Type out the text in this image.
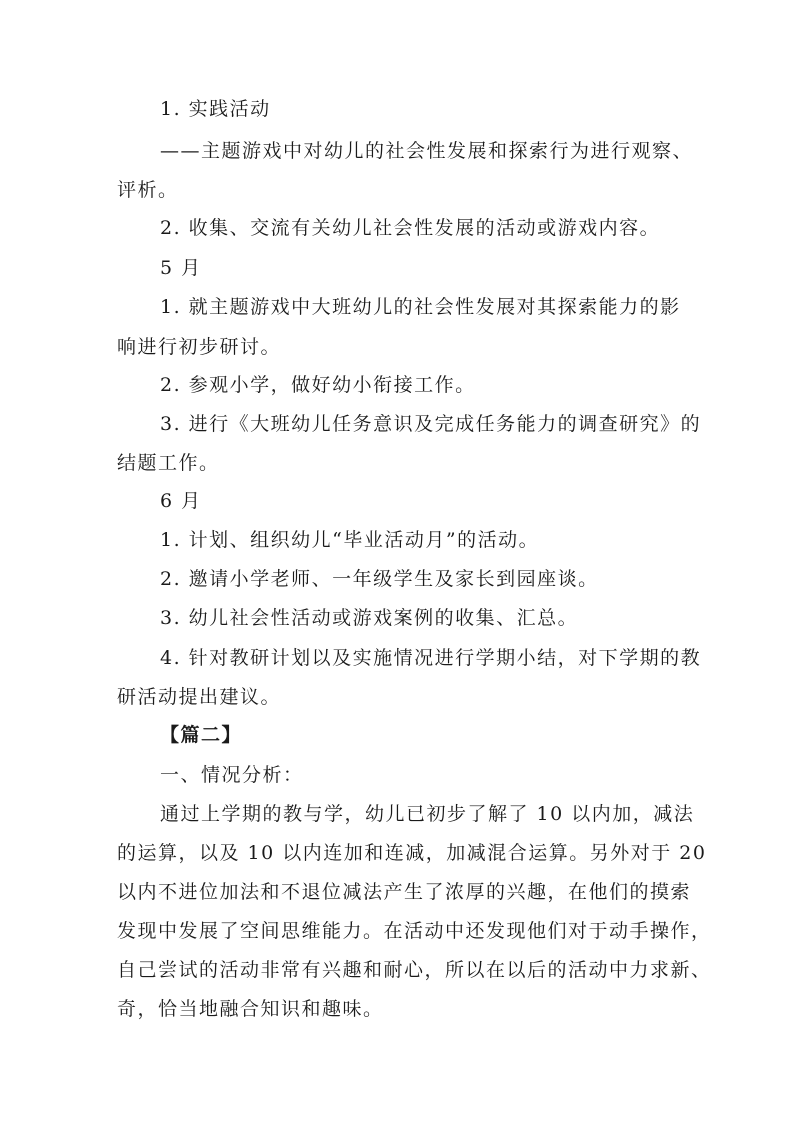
1. 实践活动

——主题游戏中对幼儿的社会性发展和探索行为进行观察、

评析。

2. 收集、交流有关幼儿社会性发展的活动或游戏内容。

5 月

1. 就主题游戏中大班幼儿的社会性发展对其探索能力的影

响进行初步研讨。

2. 参观小学，做好幼小衔接工作。

3. 进行《大班幼儿任务意识及完成任务能力的调查研究》的

结题工作。

6 月

1. 计划、组织幼儿“毕业活动月”的活动。

2. 邀请小学老师、一年级学生及家长到园座谈。

3. 幼儿社会性活动或游戏案例的收集、汇总。

4. 针对教研计划以及实施情况进行学期小结，对下学期的教

研活动提出建议。

【篇二】

一、情况分析：

通过上学期的教与学，幼儿已初步了解了 10 以内加，减法

的运算，以及 10 以内连加和连减，加减混合运算。另外对于 20

以内不进位加法和不退位减法产生了浓厚的兴趣，在他们的摸索

发现中发展了空间思维能力。在活动中还发现他们对于动手操作，

自己尝试的活动非常有兴趣和耐心，所以在以后的活动中力求新、

奇，恰当地融合知识和趣味。
